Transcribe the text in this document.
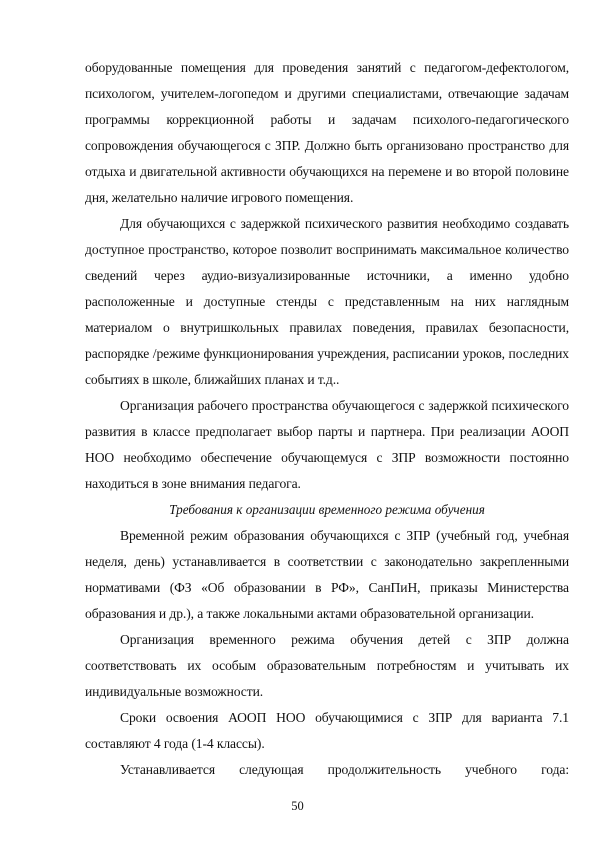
оборудованные помещения для проведения занятий с педагогом-дефектологом, психологом, учителем-логопедом и другими специалистами, отвечающие задачам программы коррекционной работы и задачам психолого-педагогического сопровождения обучающегося с ЗПР. Должно быть организовано пространство для отдыха и двигательной активности обучающихся на перемене и во второй половине дня, желательно наличие игрового помещения.

Для обучающихся с задержкой психического развития необходимо создавать доступное пространство, которое позволит воспринимать максимальное количество сведений через аудио-визуализированные источники, а именно удобно расположенные и доступные стенды с представленным на них наглядным материалом о внутришкольных правилах поведения, правилах безопасности, распорядке /режиме функционирования учреждения, расписании уроков, последних событиях в школе, ближайших планах и т.д..

Организация рабочего пространства обучающегося с задержкой психического развития в классе предполагает выбор парты и партнера. При реализации АООП НОО необходимо обеспечение обучающемуся с ЗПР возможности постоянно находиться в зоне внимания педагога.

Требования к организации временного режима обучения

Временной режим образования обучающихся с ЗПР (учебный год, учебная неделя, день) устанавливается в соответствии с законодательно закрепленными нормативами (ФЗ «Об образовании в РФ», СанПиН, приказы Министерства образования и др.), а также локальными актами образовательной организации.

Организация временного режима обучения детей с ЗПР должна соответствовать их особым образовательным потребностям и учитывать их индивидуальные возможности.

Сроки освоения АООП НОО обучающимися с ЗПР для варианта 7.1 составляют 4 года (1-4 классы).

Устанавливается следующая продолжительность учебного года:

50
